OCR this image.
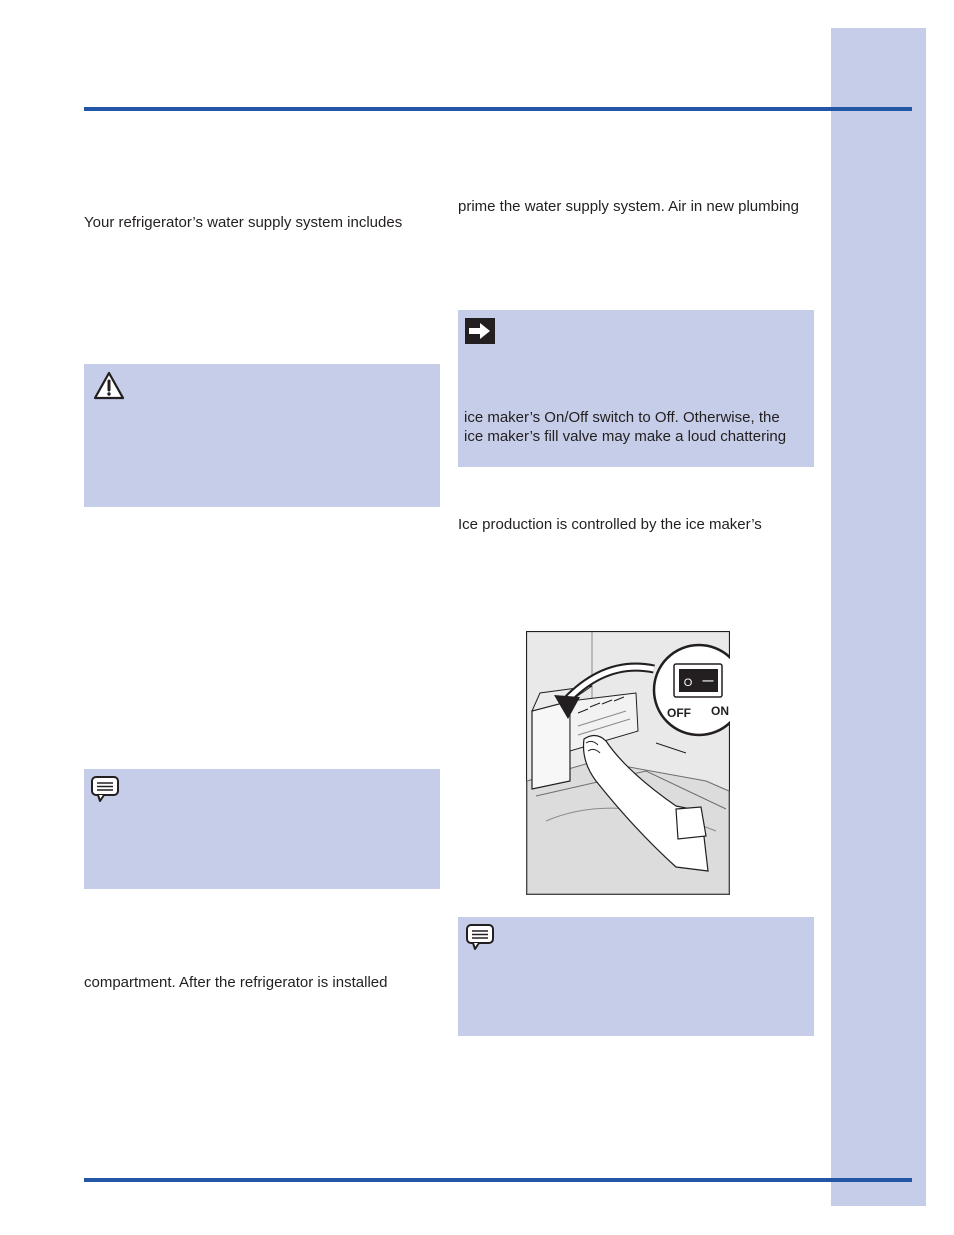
Your refrigerator’s water supply system includes
compartment. After the refrigerator is installed
prime the water supply system. Air in new plumbing
ice maker’s On/Off switch to Off. Otherwise, the
ice maker’s fill valve may make a loud chattering
Ice production is controlled by the ice maker’s
O —
OFF ON
